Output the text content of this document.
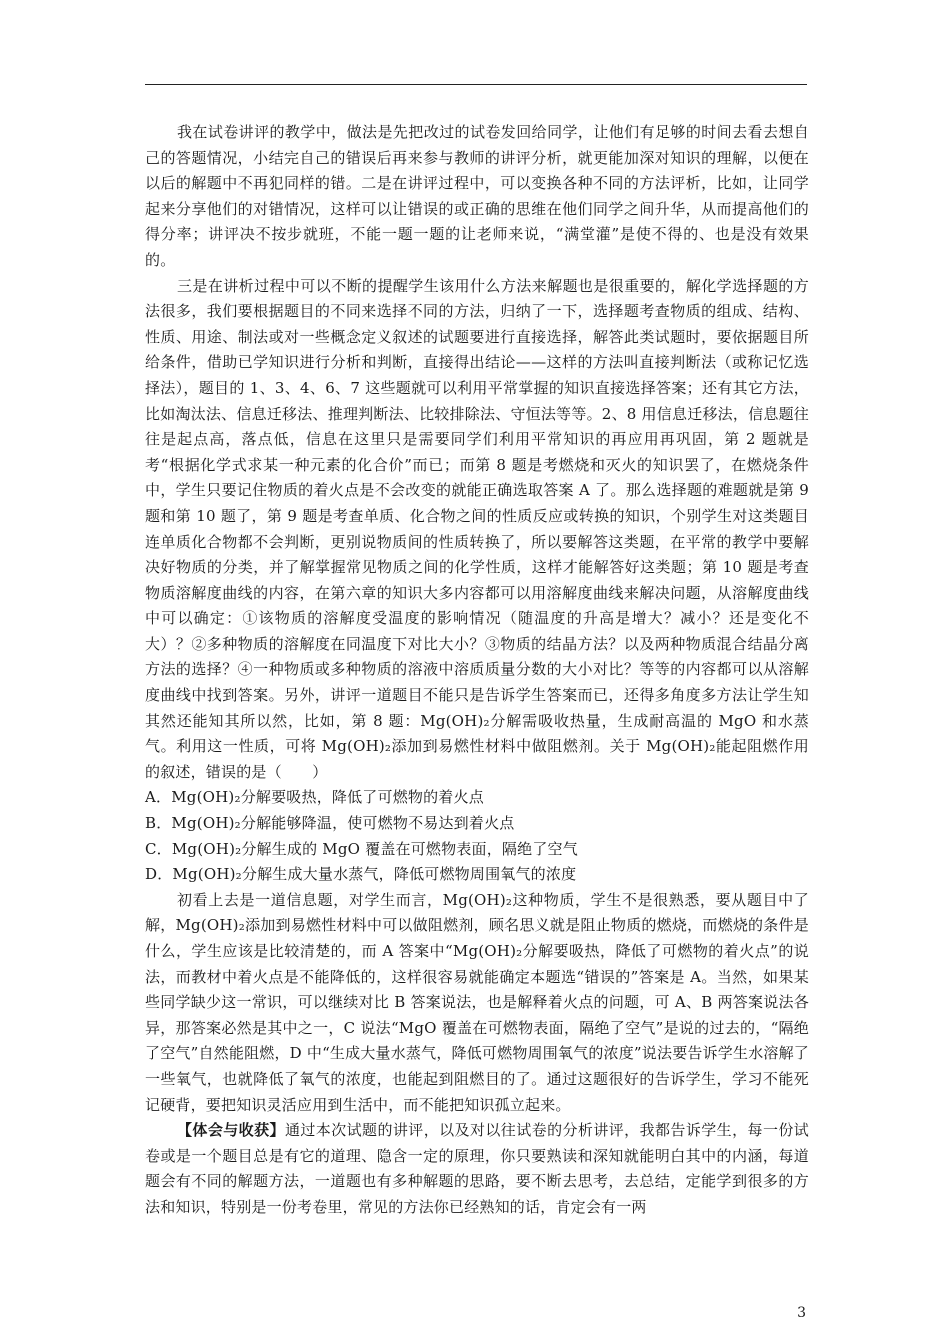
我在试卷讲评的教学中，做法是先把改过的试卷发回给同学，让他们有足够的时间去看去想自己的答题情况，小结完自己的错误后再来参与教师的讲评分析，就更能加深对知识的理解，以便在以后的解题中不再犯同样的错。二是在讲评过程中，可以变换各种不同的方法评析，比如，让同学起来分享他们的对错情况，这样可以让错误的或正确的思维在他们同学之间升华，从而提高他们的得分率；讲评决不按步就班，不能一题一题的让老师来说，“满堂灌”是使不得的、也是没有效果的。

三是在讲析过程中可以不断的提醒学生该用什么方法来解题也是很重要的，解化学选择题的方法很多，我们要根据题目的不同来选择不同的方法，归纳了一下，选择题考查物质的组成、结构、性质、用途、制法或对一些概念定义叙述的试题要进行直接选择，解答此类试题时，要依据题目所给条件，借助已学知识进行分析和判断，直接得出结论——这样的方法叫直接判断法（或称记忆选择法），题目的 1、3、4、6、7 这些题就可以利用平常掌握的知识直接选择答案；还有其它方法，比如淘汰法、信息迁移法、推理判断法、比较排除法、守恒法等等。2、8 用信息迁移法，信息题往往是起点高，落点低，信息在这里只是需要同学们利用平常知识的再应用再巩固，第 2 题就是考“根据化学式求某一种元素的化合价”而已；而第 8 题是考燃烧和灭火的知识罢了，在燃烧条件中，学生只要记住物质的着火点是不会改变的就能正确选取答案 A 了。那么选择题的难题就是第 9 题和第 10 题了，第 9 题是考查单质、化合物之间的性质反应或转换的知识，个别学生对这类题目连单质化合物都不会判断，更别说物质间的性质转换了，所以要解答这类题，在平常的教学中要解决好物质的分类，并了解掌握常见物质之间的化学性质，这样才能解答好这类题；第 10 题是考查物质溶解度曲线的内容，在第六章的知识大多内容都可以用溶解度曲线来解决问题，从溶解度曲线中可以确定：①该物质的溶解度受温度的影响情况（随温度的升高是增大？减小？还是变化不大）？②多种物质的溶解度在同温度下对比大小？③物质的结晶方法？以及两种物质混合结晶分离方法的选择？④一种物质或多种物质的溶液中溶质质量分数的大小对比？等等的内容都可以从溶解度曲线中找到答案。另外，讲评一道题目不能只是告诉学生答案而已，还得多角度多方法让学生知其然还能知其所以然，比如，第 8 题：Mg(OH)₂分解需吸收热量，生成耐高温的 MgO 和水蒸气。利用这一性质，可将 Mg(OH)₂添加到易燃性材料中做阻燃剂。关于 Mg(OH)₂能起阻燃作用的叙述，错误的是（　　）

A．Mg(OH)₂分解要吸热，降低了可燃物的着火点

B．Mg(OH)₂分解能够降温，使可燃物不易达到着火点

C．Mg(OH)₂分解生成的 MgO 覆盖在可燃物表面，隔绝了空气

D．Mg(OH)₂分解生成大量水蒸气，降低可燃物周围氧气的浓度

初看上去是一道信息题，对学生而言，Mg(OH)₂这种物质，学生不是很熟悉，要从题目中了解，Mg(OH)₂添加到易燃性材料中可以做阻燃剂，顾名思义就是阻止物质的燃烧，而燃烧的条件是什么，学生应该是比较清楚的，而 A 答案中“Mg(OH)₂分解要吸热，降低了可燃物的着火点”的说法，而教材中着火点是不能降低的，这样很容易就能确定本题选“错误的”答案是 A。当然，如果某些同学缺少这一常识，可以继续对比 B 答案说法，也是解释着火点的问题，可 A、B 两答案说法各异，那答案必然是其中之一，C 说法“MgO 覆盖在可燃物表面，隔绝了空气”是说的过去的，“隔绝了空气”自然能阻燃，D 中“生成大量水蒸气，降低可燃物周围氧气的浓度”说法要告诉学生水溶解了一些氧气，也就降低了氧气的浓度，也能起到阻燃目的了。通过这题很好的告诉学生，学习不能死记硬背，要把知识灵活应用到生活中，而不能把知识孤立起来。

【体会与收获】通过本次试题的讲评，以及对以往试卷的分析讲评，我都告诉学生，每一份试卷或是一个题目总是有它的道理、隐含一定的原理，你只要熟读和深知就能明白其中的内涵，每道题会有不同的解题方法，一道题也有多种解题的思路，要不断去思考，去总结，定能学到很多的方法和知识，特别是一份考卷里，常见的方法你已经熟知的话，肯定会有一两

3
